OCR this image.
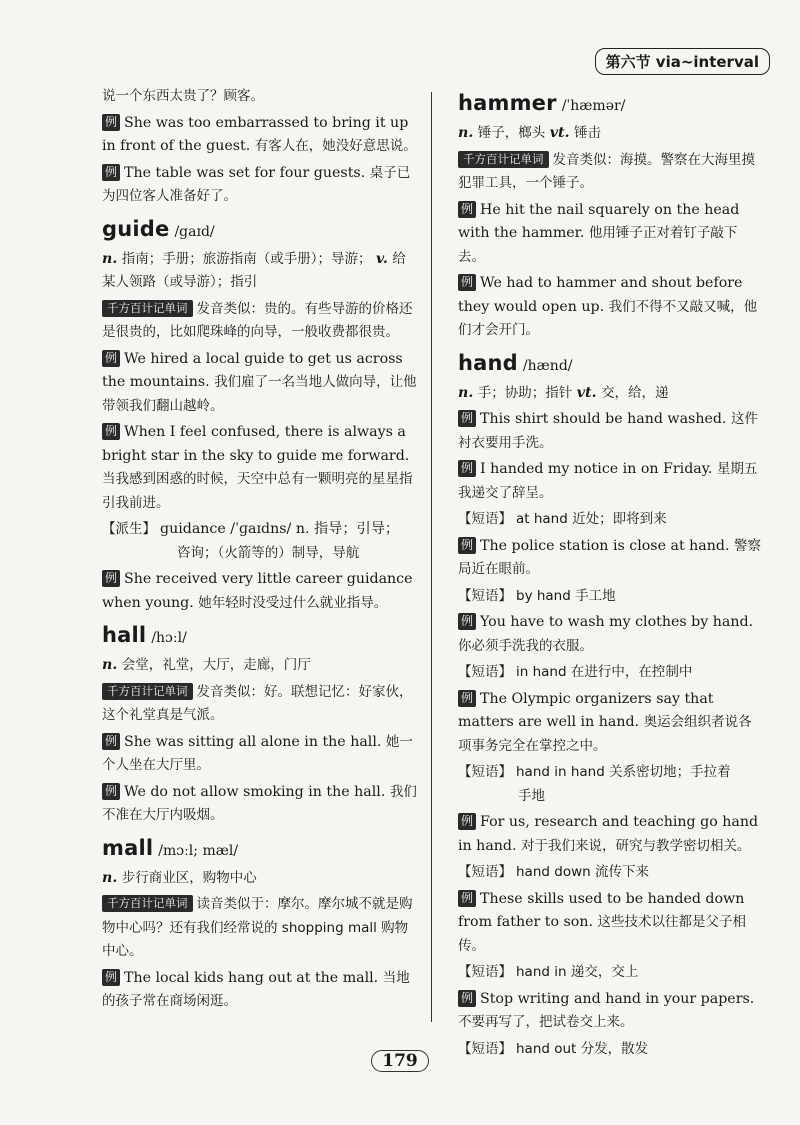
第六节 via~interval

说一个东西太贵了？顾客。

例 She was too embarrassed to bring it up in front of the guest. 有客人在，她没好意思说。
例 The table was set for four guests. 桌子已为四位客人准备好了。
guide /gaɪd/

n. 指南；手册；旅游指南（或手册）；导游； v. 给某人领路（或导游）；指引

千方百计记单词 发音类似：贵的。有些导游的价格还是很贵的，比如爬珠峰的向导，一般收费都很贵。
例 We hired a local guide to get us across the mountains. 我们雇了一名当地人做向导，让他带领我们翻山越岭。
例 When I feel confused, there is always a bright star in the sky to guide me forward. 当我感到困惑的时候，天空中总有一颗明亮的星星指引我前进。
【派生】 guidance /ˈɡaɪdns/ n. 指导；引导；
咨询；（火箭等的）制导，导航
例 She received very little career guidance when young. 她年轻时没受过什么就业指导。
hall /hɔːl/

n. 会堂，礼堂，大厅，走廊，门厅

千方百计记单词 发音类似：好。联想记忆：好家伙，这个礼堂真是气派。
例 She was sitting all alone in the hall. 她一个人坐在大厅里。
例 We do not allow smoking in the hall. 我们不准在大厅内吸烟。
mall /mɔːl; mæl/

n. 步行商业区，购物中心

千方百计记单词 读音类似于：摩尔。摩尔城不就是购物中心吗？还有我们经常说的 shopping mall 购物中心。
例 The local kids hang out at the mall. 当地的孩子常在商场闲逛。
hammer /ˈhæmər/

n. 锤子，榔头 vt. 锤击

千方百计记单词 发音类似：海摸。警察在大海里摸犯罪工具，一个锤子。
例 He hit the nail squarely on the head with the hammer. 他用锤子正对着钉子敲下去。
例 We had to hammer and shout before they would open up. 我们不得不又敲又喊，他们才会开门。
hand /hænd/

n. 手；协助；指针 vt. 交，给，递

例 This shirt should be hand washed. 这件衬衣要用手洗。
例 I handed my notice in on Friday. 星期五我递交了辞呈。
【短语】 at hand 近处；即将到来
例 The police station is close at hand. 警察局近在眼前。
【短语】 by hand 手工地
例 You have to wash my clothes by hand. 你必须手洗我的衣服。
【短语】 in hand 在进行中，在控制中
例 The Olympic organizers say that matters are well in hand. 奥运会组织者说各项事务完全在掌控之中。
【短语】 hand in hand 关系密切地；手拉着
手地
例 For us, research and teaching go hand in hand. 对于我们来说，研究与教学密切相关。
【短语】 hand down 流传下来
例 These skills used to be handed down from father to son. 这些技术以往都是父子相传。
【短语】 hand in 递交，交上
例 Stop writing and hand in your papers. 不要再写了，把试卷交上来。
【短语】 hand out 分发，散发
179
